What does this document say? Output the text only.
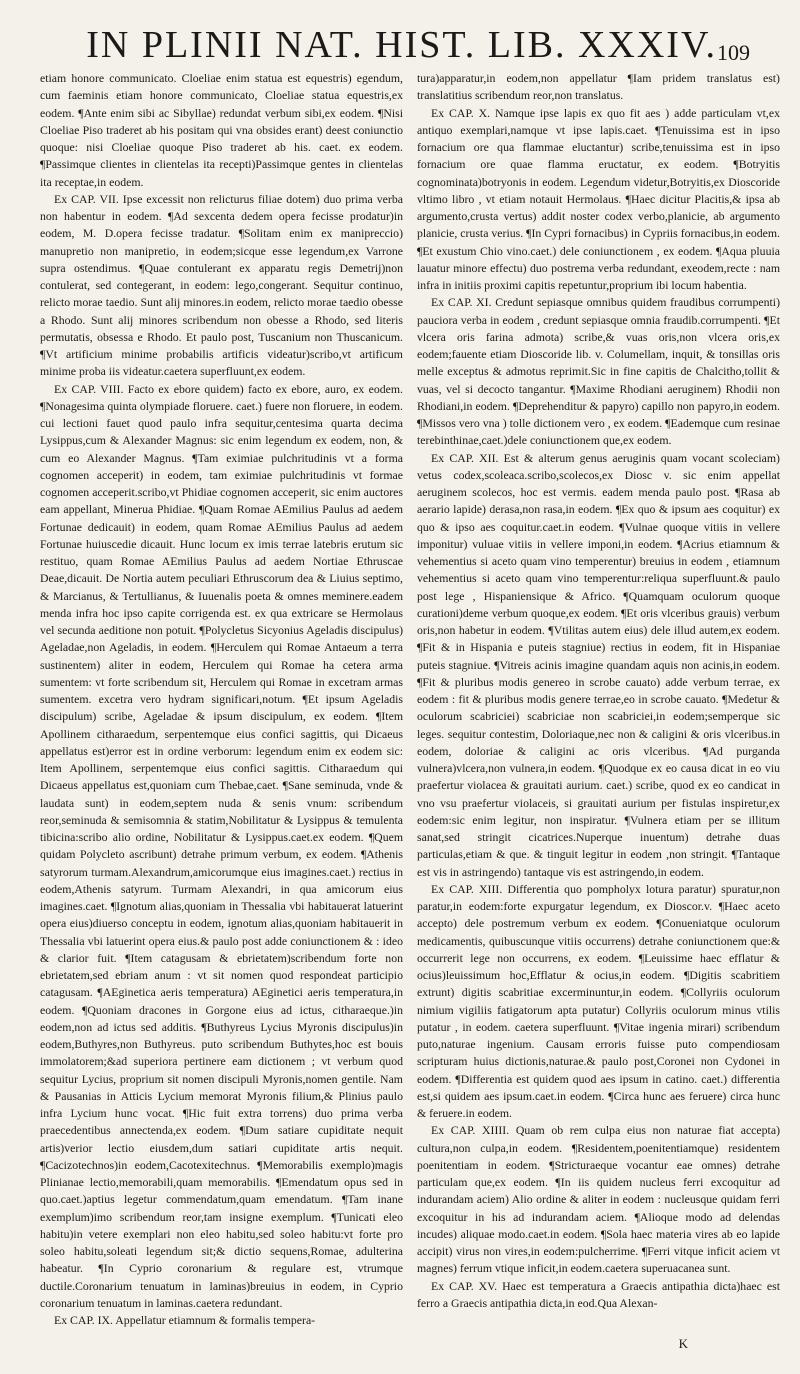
IN PLINII NAT. HIST. LIB. XXXIV. 109

etiam honore communicato. Cloeliae enim statua est equestris) egendum, cum faeminis etiam honore communicato, Cloeliae statua equestris,ex eodem. ¶Ante enim sibi ac Sibyllae) redundat verbum sibi,ex eodem. ¶Nisi Cloeliae Piso traderet ab his positam qui vna obsides erant) deest coniunctio quoque: nisi Cloeliae quoque Piso traderet ab his. caet. ex eodem. ¶Passimque clientes in clientelas ita recepti)Passimque gentes in clientelas ita receptae,in eodem.

Ex CAP. VII. Ipse excessit non relicturus filiae dotem) duo prima verba non habentur in eodem. ¶Ad sexcenta dedem opera fecisse prodatur)in eodem, M. D.opera fecisse tradatur. ¶Solitam enim ex manipreccio) manupretio non manipretio, in eodem;sicque esse legendum,ex Varrone supra ostendimus. ¶Quae contulerant ex apparatu regis Demetrij)non contulerat, sed contegerant, in eodem: lego,congerant. Sequitur continuo, relicto morae taedio. Sunt alij minores.in eodem, relicto morae taedio obesse a Rhodo. Sunt alij minores scribendum non obesse a Rhodo, sed literis permutatis, obsessa e Rhodo. Et paulo post, Tuscanium non Thuscanicum. ¶Vt artificium minime probabilis artificis videatur)scribo,vt artificum minime proba iis videatur.caetera superfluunt,ex eodem.

Ex CAP. VIII. Facto ex ebore quidem) facto ex ebore, auro, ex eodem. ¶Nonagesima quinta olympiade floruere. caet.) fuere non floruere, in eodem. cui lectioni fauet quod paulo infra sequitur,centesima quarta decima Lysippus,cum & Alexander Magnus: sic enim legendum ex eodem, non, & cum eo Alexander Magnus. ¶Tam eximiae pulchritudinis vt a forma cognomen acceperit) in eodem, tam eximiae pulchritudinis vt formae cognomen acceperit.scribo,vt Phidiae cognomen acceperit, sic enim auctores eam appellant, Minerua Phidiae. ¶Quam Romae AEmilius Paulus ad aedem Fortunae dedicauit) in eodem, quam Romae AEmilius Paulus ad aedem Fortunae huiuscedie dicauit. Hunc locum ex imis terrae latebris erutum sic restituo, quam Romae AEmilius Paulus ad aedem Nortiae Ethruscae Deae,dicauit. De Nortia autem peculiari Ethruscorum dea & Liuius septimo, & Marcianus, & Tertullianus, & Iuuenalis poeta & omnes meminere.eadem menda infra hoc ipso capite corrigenda est. ex qua extricare se Hermolaus vel secunda aeditione non potuit. ¶Polycletus Sicyonius Ageladis discipulus) Ageladae,non Ageladis, in eodem. ¶Herculem qui Romae Antaeum a terra sustinentem) aliter in eodem, Herculem qui Romae ha cetera arma sumentem: vt forte scribendum sit, Herculem qui Romae in excetram armas sumentem. excetra vero hydram significari,notum. ¶Et ipsum Ageladis discipulum) scribe, Ageladae & ipsum discipulum, ex eodem. ¶Item Apollinem citharaedum, serpentemque eius confici sagittis, qui Dicaeus appellatus est)error est in ordine verborum: legendum enim ex eodem sic: Item Apollinem, serpentemque eius confici sagittis. Citharaedum qui Dicaeus appellatus est,quoniam cum Thebae,caet. ¶Sane seminuda, vnde & laudata sunt) in eodem,septem nuda & senis vnum: scribendum reor,seminuda & semisomnia & statim,Nobilitatur & Lysippus & temulenta tibicina:scribo alio ordine, Nobilitatur & Lysippus.caet.ex eodem. ¶Quem quidam Polycleto ascribunt) detrahe primum verbum, ex eodem. ¶Athenis satyrorum turmam.Alexandrum,amicorumque eius imagines.caet.) rectius in eodem,Athenis satyrum. Turmam Alexandri, in qua amicorum eius imagines.caet. ¶Ignotum alias,quoniam in Thessalia vbi habitauerat latuerint opera eius)diuerso conceptu in eodem, ignotum alias,quoniam habitauerit in Thessalia vbi latuerint opera eius.& paulo post adde coniunctionem & : ideo & clarior fuit. ¶Item catagusam & ebrietatem)scribendum forte non ebrietatem,sed ebriam anum : vt sit nomen quod respondeat participio catagusam. ¶AEginetica aeris temperatura) AEginetici aeris temperatura,in eodem. ¶Quoniam dracones in Gorgone eius ad ictus, citharaeque.)in eodem,non ad ictus sed additis. ¶Buthyreus Lycius Myronis discipulus)in eodem,Buthyres,non Buthyreus. puto scribendum Buthytes,hoc est bouis immolatorem;&ad superiora pertinere eam dictionem ; vt verbum quod sequitur Lycius, proprium sit nomen discipuli Myronis,nomen gentile. Nam & Pausanias in Atticis Lycium memorat Myronis filium,& Plinius paulo infra Lycium hunc vocat. ¶Hic fuit extra torrens) duo prima verba praecedentibus annectenda,ex eodem. ¶Dum satiare cupiditate nequit artis)verior lectio eiusdem,dum satiari cupiditate artis nequit. ¶Cacizotechnos)in eodem,Cacotexitechnus. ¶Memorabilis exemplo)magis Plinianae lectio,memorabili,quam memorabilis. ¶Emendatum opus sed in quo.caet.)aptius legetur commendatum,quam emendatum. ¶Tam inane exemplum)imo scribendum reor,tam insigne exemplum. ¶Tunicati eleo habitu)in vetere exemplari non eleo habitu,sed soleo habitu:vt forte pro soleo habitu,soleati legendum sit;& dictio sequens,Romae, adulterina habeatur. ¶In Cyprio coronarium & regulare est, vtrumque ductile.Coronarium tenuatum in laminas)breuius in eodem, in Cyprio coronarium tenuatum in laminas.caetera redundant.

Ex CAP. IX. Appellatur etiamnum & formalis tempera-

tura)apparatur,in eodem,non appellatur ¶Iam pridem translatus est) translatitius scribendum reor,non translatus.

Ex CAP. X. Namque ipse lapis ex quo fit aes ) adde particulam vt,ex antiquo exemplari,namque vt ipse lapis.caet. ¶Tenuissima est in ipso fornacium ore qua flammae eluctantur) scribe,tenuissima est in ipso fornacium ore quae flamma eructatur, ex eodem. ¶Botryitis cognominata)botryonis in eodem. Legendum videtur,Botryitis,ex Dioscoride vltimo libro , vt etiam notauit Hermolaus. ¶Haec dicitur Placitis,& ipsa ab argumento,crusta vertus) addit noster codex verbo,planicie, ab argumento planicie, crusta verius. ¶In Cypri fornacibus) in Cypriis fornacibus,in eodem. ¶Et exustum Chio vino.caet.) dele coniunctionem , ex eodem. ¶Aqua pluuia lauatur minore effectu) duo postrema verba redundant, exeodem,recte : nam infra in initiis proximi capitis repetuntur,proprium ibi locum habentia.

Ex CAP. XI. Credunt sepiasque omnibus quidem fraudibus corrumpenti) pauciora verba in eodem , credunt sepiasque omnia fraudib.corrumpenti. ¶Et vlcera oris farina admota) scribe,& vuas oris,non vlcera oris,ex eodem;fauente etiam Dioscoride lib. v. Columellam, inquit, & tonsillas oris melle exceptus & admotus reprimit.Sic in fine capitis de Chalcitho,tollit & vuas, vel si decocto tangantur. ¶Maxime Rhodiani aeruginem) Rhodii non Rhodiani,in eodem. ¶Deprehenditur & papyro) capillo non papyro,in eodem. ¶Missos vero vna ) tolle dictionem vero , ex eodem. ¶Eademque cum resinae terebinthinae,caet.)dele coniunctionem que,ex eodem.

Ex CAP. XII. Est & alterum genus aeruginis quam vocant scoleciam) vetus codex,scoleaca.scribo,scolecos,ex Diosc v. sic enim appellat aeruginem scolecos, hoc est vermis. eadem menda paulo post. ¶Rasa ab aerario lapide) derasa,non rasa,in eodem. ¶Ex quo & ipsum aes coquitur) ex quo & ipso aes coquitur.caet.in eodem. ¶Vulnae quoque vitiis in vellere imponitur) vuluae vitiis in vellere imponi,in eodem. ¶Acrius etiamnum & vehementius si aceto quam vino temperentur) breuius in eodem , etiamnum vehementius si aceto quam vino temperentur:reliqua superfluunt.& paulo post lege , Hispaniensique & Africo. ¶Quamquam oculorum quoque curationi)deme verbum quoque,ex eodem. ¶Et oris vlceribus grauis) verbum oris,non habetur in eodem. ¶Vtilitas autem eius) dele illud autem,ex eodem. ¶Fit & in Hispania e puteis stagniue) rectius in eodem, fit in Hispaniae puteis stagniue. ¶Vitreis acinis imagine quandam aquis non acinis,in eodem. ¶Fit & pluribus modis genereo in scrobe cauato) adde verbum terrae, ex eodem : fit & pluribus modis genere terrae,eo in scrobe cauato. ¶Medetur & oculorum scabriciei) scabriciae non scabriciei,in eodem;semperque sic leges. sequitur contestim, Doloriaque,nec non & caligini & oris vlceribus.in eodem, doloriae & caligini ac oris vlceribus. ¶Ad purganda vulnera)vlcera,non vulnera,in eodem. ¶Quodque ex eo causa dicat in eo viu praefertur violacea & grauitati aurium. caet.) scribe, quod ex eo candicat in vno vsu praefertur violaceis, si grauitati aurium per fistulas inspiretur,ex eodem:sic enim legitur, non inspiratur. ¶Vulnera etiam per se illitum sanat,sed stringit cicatrices.Nuperque inuentum) detrahe duas particulas,etiam & que. & tinguit legitur in eodem ,non stringit. ¶Tantaque est vis in astringendo) tantaque vis est astringendo,in eodem.

Ex CAP. XIII. Differentia quo pompholyx lotura paratur) spuratur,non paratur,in eodem:forte expurgatur legendum, ex Dioscor.v. ¶Haec aceto accepto) dele postremum verbum ex eodem. ¶Conueniatque oculorum medicamentis, quibuscunque vitiis occurrens) detrahe coniunctionem que:& occurrerit lege non occurrens, ex eodem. ¶Leuissime haec efflatur & ocius)leuissimum hoc,Efflatur & ocius,in eodem. ¶Digitis scabritiem extrunt) digitis scabritiae excerminuntur,in eodem. ¶Collyriis oculorum nimium vigiliis fatigatorum apta putatur) Collyriis oculorum minus vtilis putatur , in eodem. caetera superfluunt. ¶Vitae ingenia mirari) scribendum puto,naturae ingenium. Causam erroris fuisse puto compendiosam scripturam huius dictionis,naturae.& paulo post,Coronei non Cydonei in eodem. ¶Differentia est quidem quod aes ipsum in catino. caet.) differentia est,si quidem aes ipsum.caet.in eodem. ¶Circa hunc aes feruere) circa hunc & feruere.in eodem.

Ex CAP. XIIII. Quam ob rem culpa eius non naturae fiat accepta) cultura,non culpa,in eodem. ¶Residentem,poenitentiamque) residentem poenitentiam in eodem. ¶Stricturaeque vocantur eae omnes) detrahe particulam que,ex eodem. ¶In iis quidem nucleus ferri excoquitur ad indurandam aciem) Alio ordine & aliter in eodem : nucleusque quidam ferri excoquitur in his ad indurandam aciem. ¶Alioque modo ad delendas incudes) aliquae modo.caet.in eodem. ¶Sola haec materia vires ab eo lapide accipit) virus non vires,in eodem:pulcherrime. ¶Ferri vitque inficit aciem vt magnes) ferrum vtique inficit,in eodem.caetera superuacanea sunt.

Ex CAP. XV. Haec est temperatura a Graecis antipathia dicta)haec est ferro a Graecis antipathia dicta,in eod.Qua Alexan-

K
